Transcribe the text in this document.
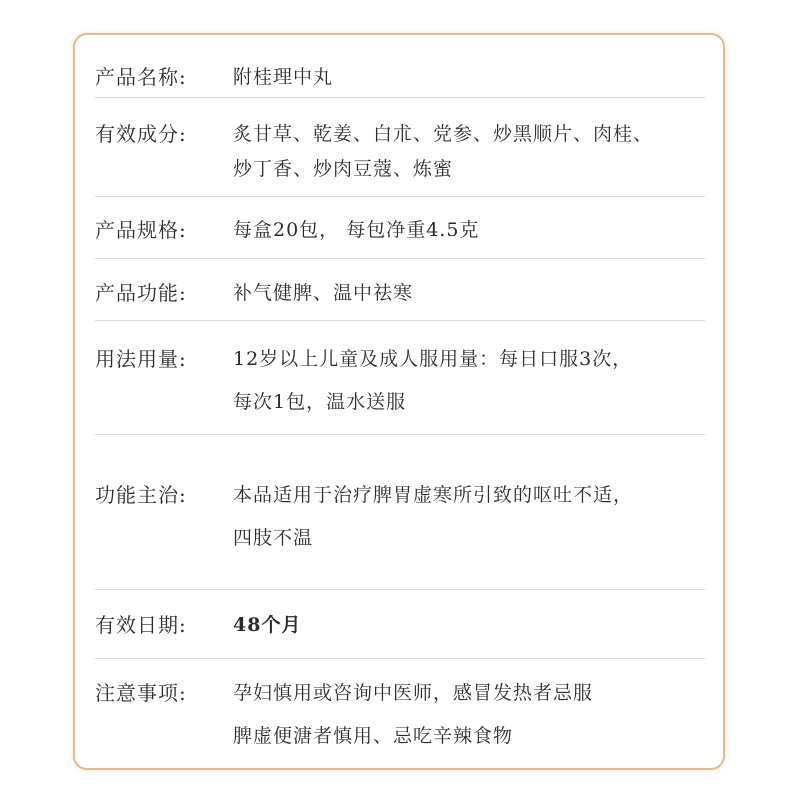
产品名称: 附桂理中丸
有效成分: 炙甘草、乾姜、白朮、党参、炒黑顺片、肉桂、
炒丁香、炒肉豆蔻、炼蜜
产品规格: 每盒20包， 每包净重4.5克
产品功能: 补气健脾、温中祛寒
用法用量: 12岁以上儿童及成人服用量：每日口服3次，
每次1包，温水送服
功能主治: 本品适用于治疗脾胃虚寒所引致的呕吐不适，
四肢不温
有效日期: 48个月
注意事项: 孕妇慎用或咨询中医师，感冒发热者忌服
脾虚便溏者慎用、忌吃辛辣食物
